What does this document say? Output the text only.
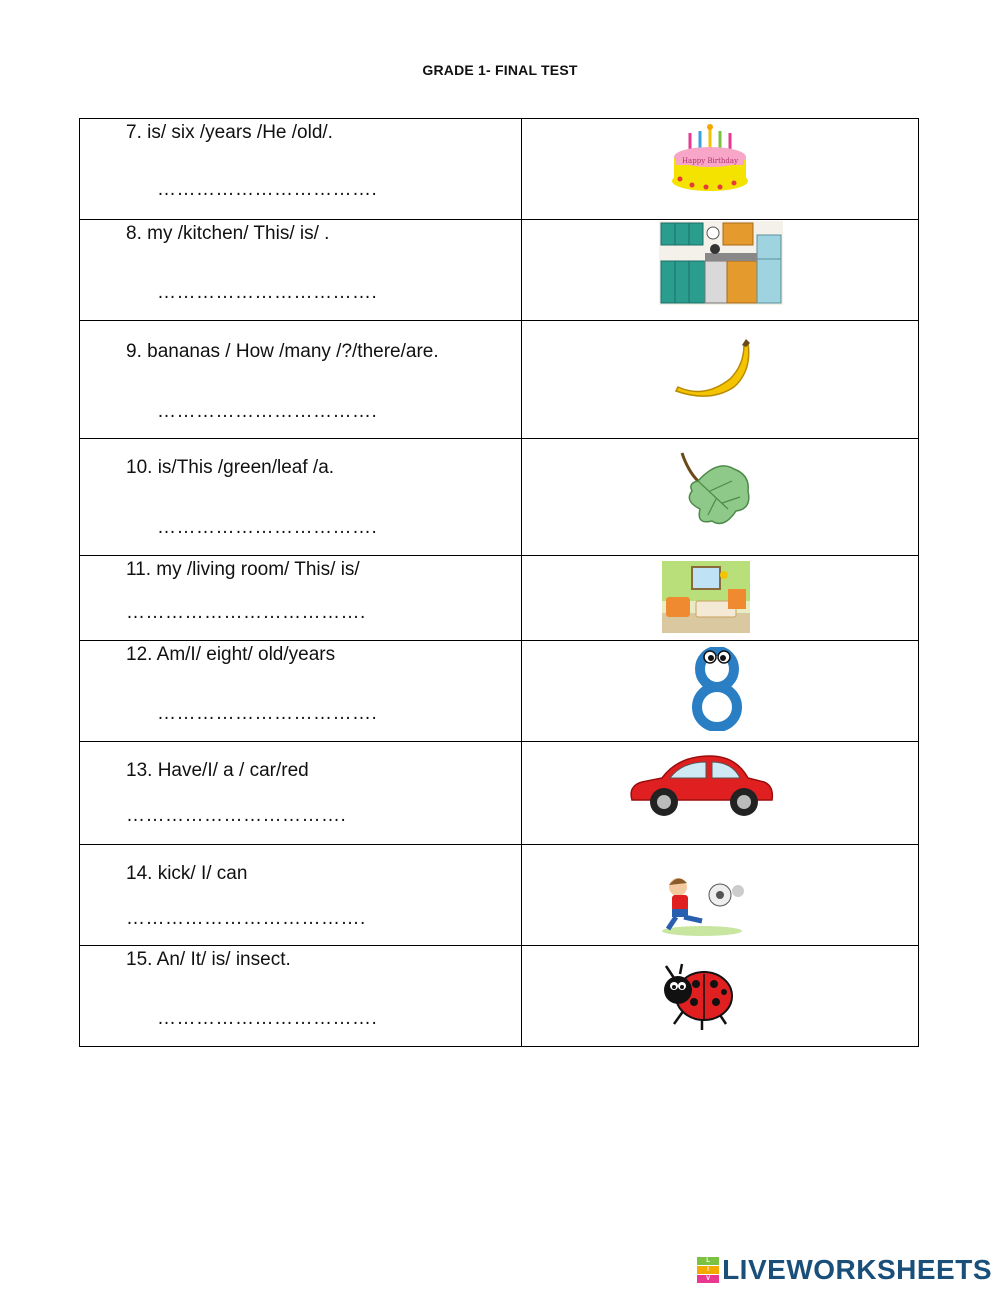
GRADE 1- FINAL TEST
7. is/ six /years /He /old/.
…………………………….	Happy Birthday

8. my /kitchen/ This/ is/ .
…………………………….

9. bananas / How /many /?/there/are.
…………………………….

10. is/This /green/leaf /a.
…………………………….

11. my /living room/ This/ is/
……………………………….

12. Am/I/ eight/ old/years
…………………………….

13. Have/I/ a / car/red
…………………………….

14. kick/ I/ can
……………………………….

15. An/ It/ is/ insect.
…………………………….

L
I
V LIVEWORKSHEETS
